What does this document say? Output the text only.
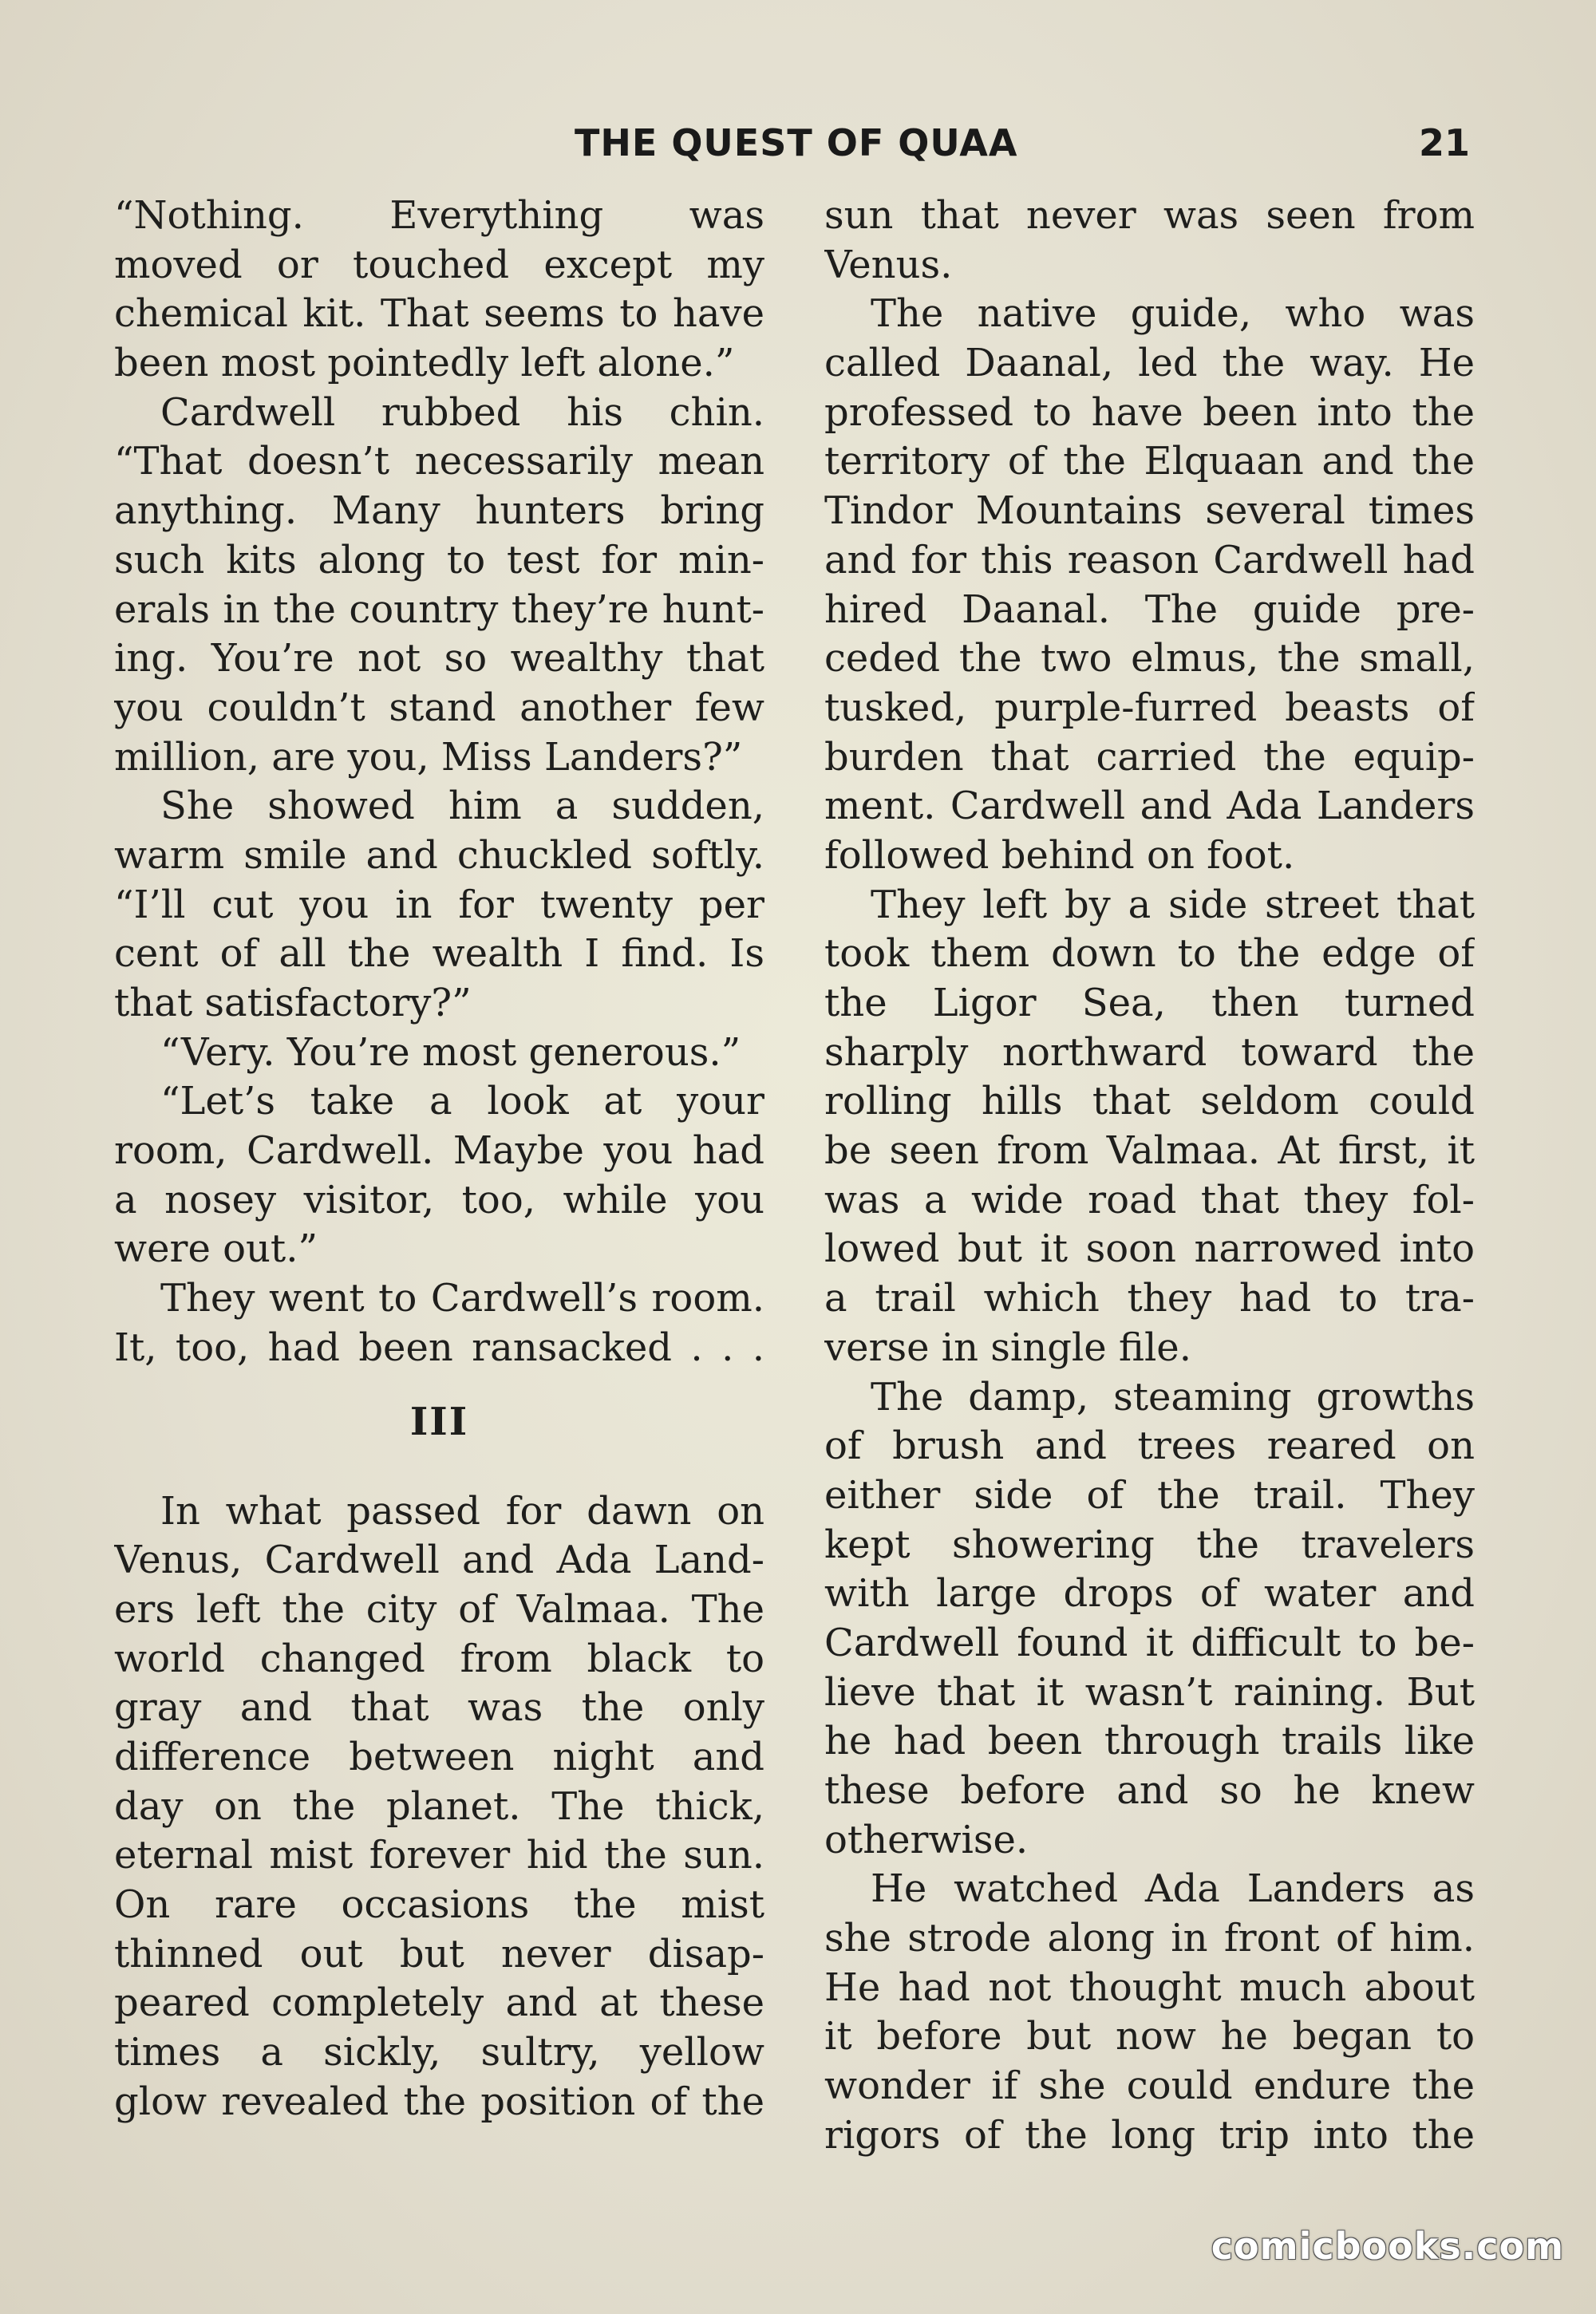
THE QUEST OF QUAA	21
“Nothing. Everything was
moved or touched except my
chemical kit. That seems to have
been most pointedly left alone.”
Cardwell rubbed his chin.
“That doesn’t necessarily mean
anything. Many hunters bring
such kits along to test for min-
erals in the country they’re hunt-
ing. You’re not so wealthy that
you couldn’t stand another few
million, are you, Miss Landers?”
She showed him a sudden,
warm smile and chuckled softly.
“I’ll cut you in for twenty per
cent of all the wealth I find. Is
that satisfactory?”
“Very. You’re most generous.”
“Let’s take a look at your
room, Cardwell. Maybe you had
a nosey visitor, too, while you
were out.”
They went to Cardwell’s room.
It, too, had been ransacked . . .
III
In what passed for dawn on
Venus, Cardwell and Ada Land-
ers left the city of Valmaa. The
world changed from black to
gray and that was the only
difference between night and
day on the planet. The thick,
eternal mist forever hid the sun.
On rare occasions the mist
thinned out but never disap-
peared completely and at these
times a sickly, sultry, yellow
glow revealed the position of the
sun that never was seen from
Venus.
The native guide, who was
called Daanal, led the way. He
professed to have been into the
territory of the Elquaan and the
Tindor Mountains several times
and for this reason Cardwell had
hired Daanal. The guide pre-
ceded the two elmus, the small,
tusked, purple-furred beasts of
burden that carried the equip-
ment. Cardwell and Ada Landers
followed behind on foot.
They left by a side street that
took them down to the edge of
the Ligor Sea, then turned
sharply northward toward the
rolling hills that seldom could
be seen from Valmaa. At first, it
was a wide road that they fol-
lowed but it soon narrowed into
a trail which they had to tra-
verse in single file.
The damp, steaming growths
of brush and trees reared on
either side of the trail. They
kept showering the travelers
with large drops of water and
Cardwell found it difficult to be-
lieve that it wasn’t raining. But
he had been through trails like
these before and so he knew
otherwise.
He watched Ada Landers as
she strode along in front of him.
He had not thought much about
it before but now he began to
wonder if she could endure the
rigors of the long trip into the
comicbooks.com
